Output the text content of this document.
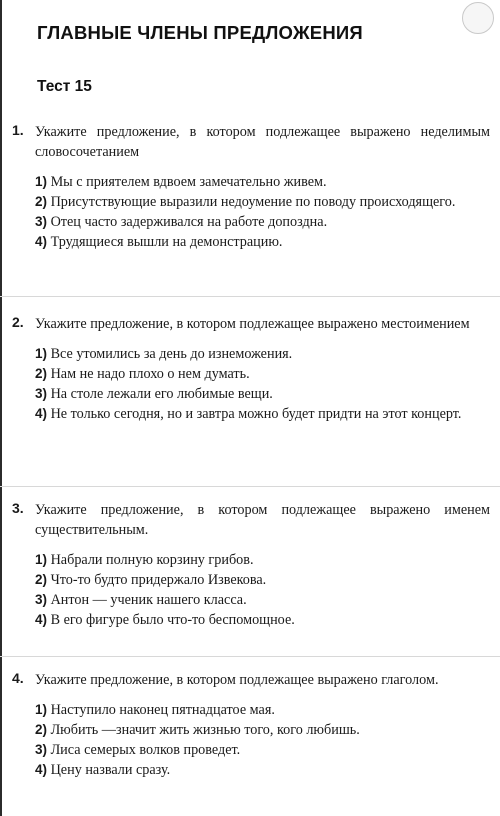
ГЛАВНЫЕ ЧЛЕНЫ ПРЕДЛОЖЕНИЯ
Тест 15
1. Укажите предложение, в котором подлежащее выражено неделимым словосочетанием
1) Мы с приятелем вдвоем замечательно живем.
2) Присутствующие выразили недоумение по поводу происходящего.
3) Отец часто задерживался на работе допоздна.
4) Трудящиеся вышли на демонстрацию.
2. Укажите предложение, в котором подлежащее выражено местоимением
1) Все утомились за день до изнеможения.
2) Нам не надо плохо о нем думать.
3) На столе лежали его любимые вещи.
4) Не только сегодня, но и завтра можно будет придти на этот концерт.
3. Укажите предложение, в котором подлежащее выражено именем существительным.
1) Набрали полную корзину грибов.
2) Что-то будто придержало Извекова.
3) Антон — ученик нашего класса.
4) В его фигуре было что-то беспомощное.
4. Укажите предложение, в котором подлежащее выражено глаголом.
1) Наступило наконец пятнадцатое мая.
2) Любить —значит жить жизнью того, кого любишь.
3) Лиса семерых волков проведет.
4) Цену назвали сразу.
